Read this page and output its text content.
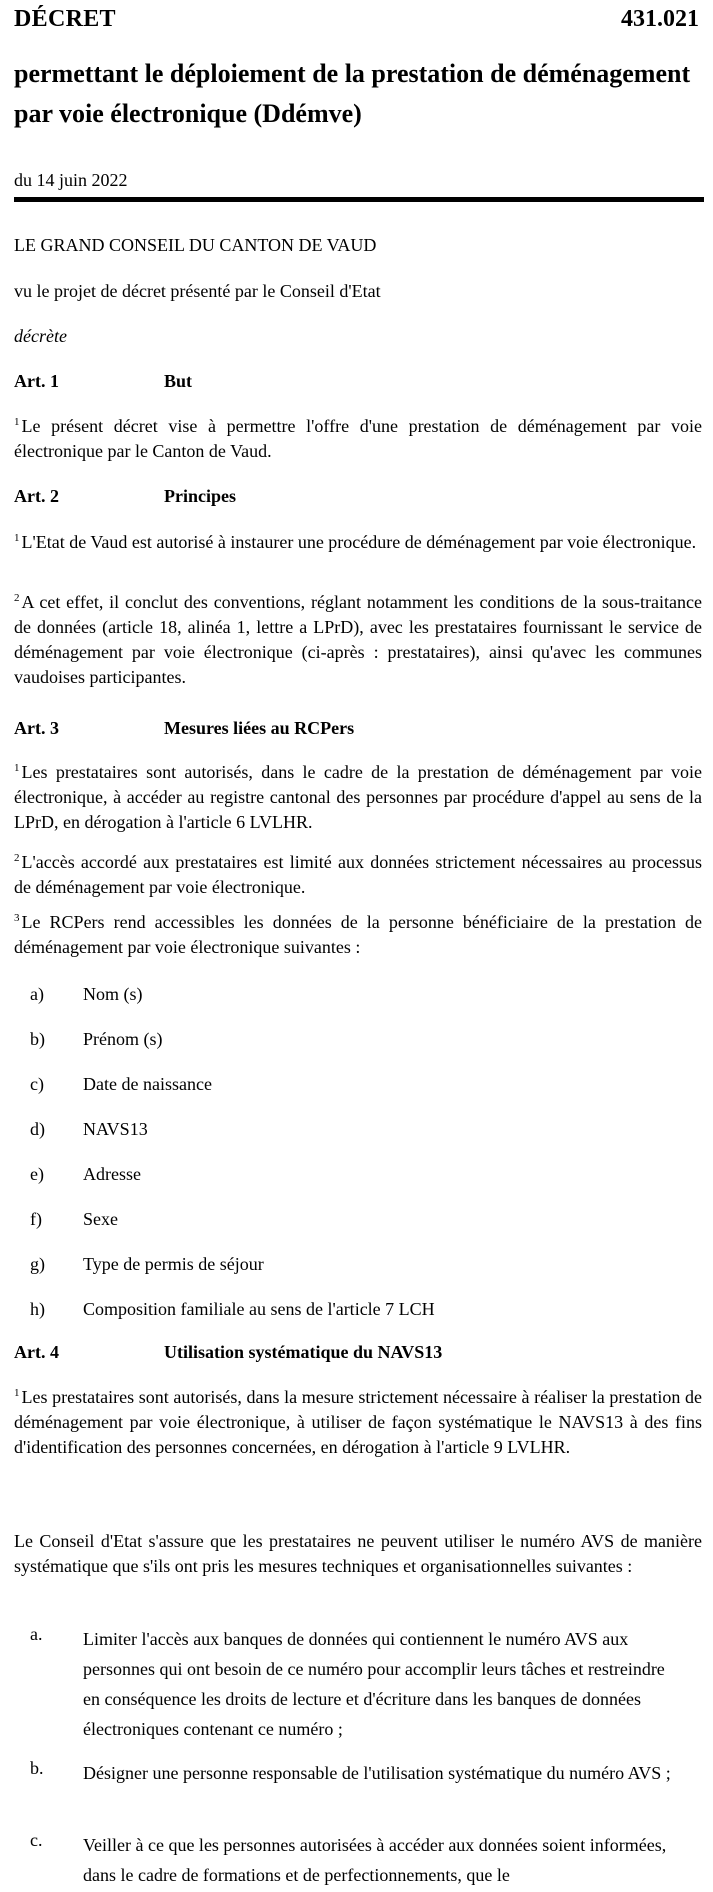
DÉCRET	431.021
permettant le déploiement de la prestation de déménagement par voie électronique (Ddémve)
du 14 juin 2022
LE GRAND CONSEIL DU CANTON DE VAUD
vu le projet de décret présenté par le Conseil d'Etat
décrète
Art. 1	But
$^1$ Le présent décret vise à permettre l'offre d'une prestation de déménagement par voie électronique par le Canton de Vaud.
Art. 2	Principes
$^1$ L'Etat de Vaud est autorisé à instaurer une procédure de déménagement par voie électronique.
$^2$ A cet effet, il conclut des conventions, réglant notamment les conditions de la sous-traitance de données (article 18, alinéa 1, lettre a LPrD), avec les prestataires fournissant le service de déménagement par voie électronique (ci-après : prestataires), ainsi qu'avec les communes vaudoises participantes.
Art. 3	Mesures liées au RCPers
$^1$ Les prestataires sont autorisés, dans le cadre de la prestation de déménagement par voie électronique, à accéder au registre cantonal des personnes par procédure d'appel au sens de la LPrD, en dérogation à l'article 6 LVLHR.
$^2$ L'accès accordé aux prestataires est limité aux données strictement nécessaires au processus de déménagement par voie électronique.
$^3$ Le RCPers rend accessibles les données de la personne bénéficiaire de la prestation de déménagement par voie électronique suivantes :
a) Nom (s)
b) Prénom (s)
c) Date de naissance
d) NAVS13
e) Adresse
f) Sexe
g) Type de permis de séjour
h) Composition familiale au sens de l'article 7 LCH
Art. 4	Utilisation systématique du NAVS13
$^1$ Les prestataires sont autorisés, dans la mesure strictement nécessaire à réaliser la prestation de déménagement par voie électronique, à utiliser de façon systématique le NAVS13 à des fins d'identification des personnes concernées, en dérogation à l'article 9 LVLHR.
Le Conseil d'Etat s'assure que les prestataires ne peuvent utiliser le numéro AVS de manière systématique que s'ils ont pris les mesures techniques et organisationnelles suivantes :
a. Limiter l'accès aux banques de données qui contiennent le numéro AVS aux personnes qui ont besoin de ce numéro pour accomplir leurs tâches et restreindre en conséquence les droits de lecture et d'écriture dans les banques de données électroniques contenant ce numéro ;
b. Désigner une personne responsable de l'utilisation systématique du numéro AVS ;
c. Veiller à ce que les personnes autorisées à accéder aux données soient informées, dans le cadre de formations et de perfectionnements, que le
